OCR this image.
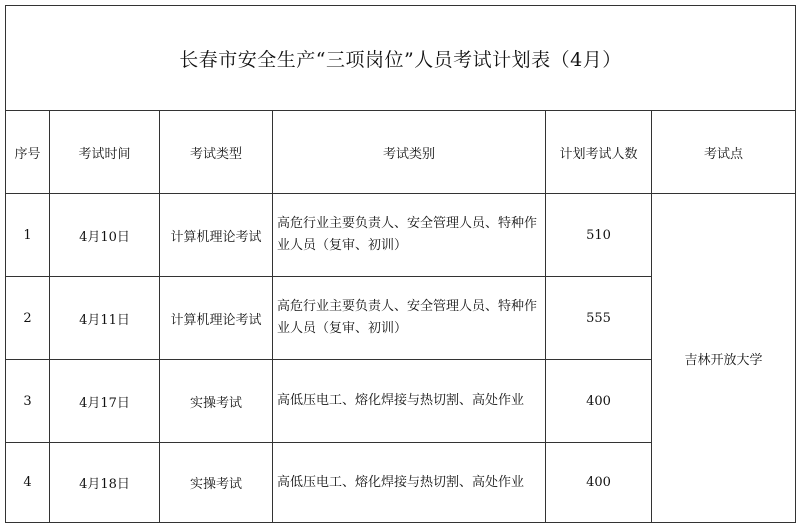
长春市安全生产“三项岗位”人员考试计划表（4月）					
序号	考试时间	考试类型	考试类别	计划考试人数	考试点
1	4月10日	计算机理论考试	高危行业主要负责人、安全管理人员、特种作业人员（复审、初训）	510	吉林开放大学
2	4月11日	计算机理论考试	高危行业主要负责人、安全管理人员、特种作业人员（复审、初训）	555	
3	4月17日	实操考试	高低压电工、熔化焊接与热切割、高处作业	400	
4	4月18日	实操考试	高低压电工、熔化焊接与热切割、高处作业	400	
